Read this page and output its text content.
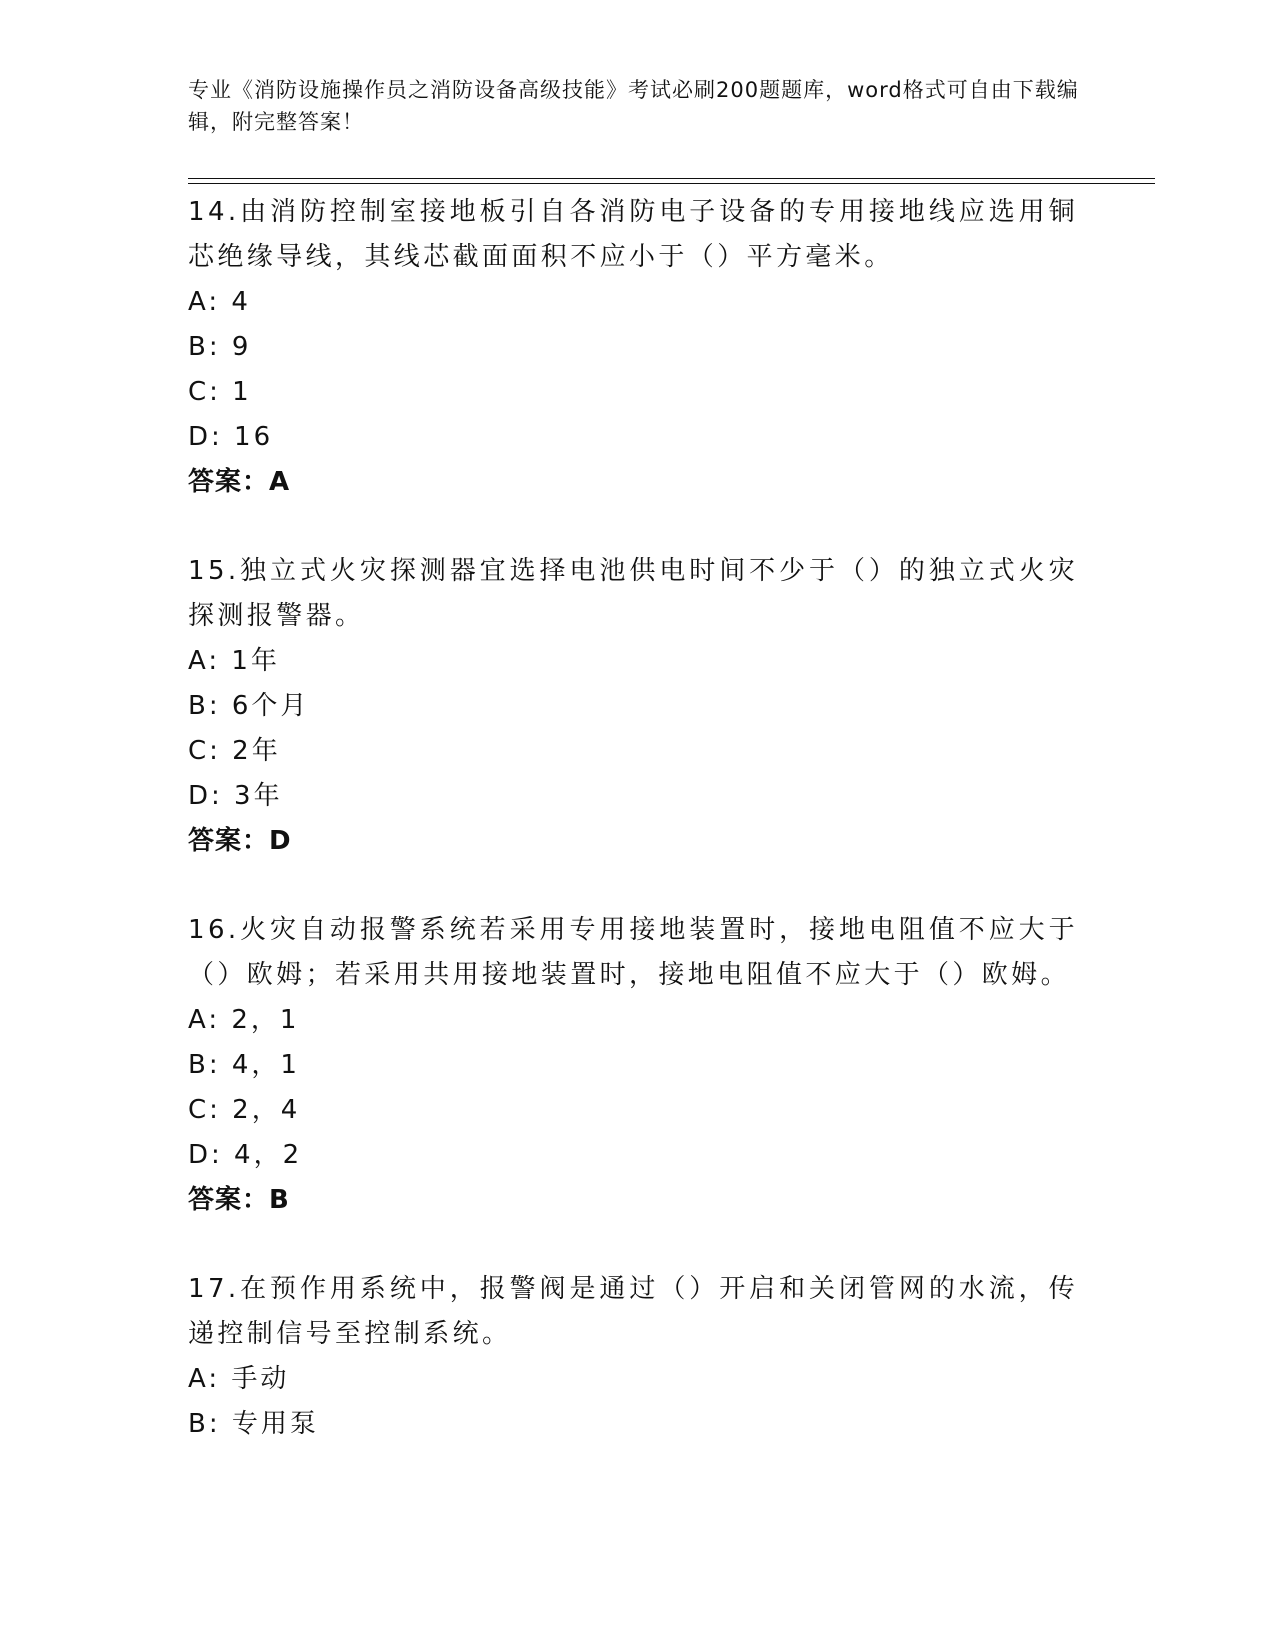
专业《消防设施操作员之消防设备高级技能》考试必刷200题题库，word格式可自由下载编辑，附完整答案！
14.由消防控制室接地板引自各消防电子设备的专用接地线应选用铜芯绝缘导线，其线芯截面面积不应小于（）平方毫米。
A: 4
B: 9
C: 1
D: 16
答案：A
15.独立式火灾探测器宜选择电池供电时间不少于（）的独立式火灾探测报警器。
A: 1年
B: 6个月
C: 2年
D: 3年
答案：D
16.火灾自动报警系统若采用专用接地装置时，接地电阻值不应大于（）欧姆；若采用共用接地装置时，接地电阻值不应大于（）欧姆。
A: 2，1
B: 4，1
C: 2，4
D: 4，2
答案：B
17.在预作用系统中，报警阀是通过（）开启和关闭管网的水流，传递控制信号至控制系统。
A: 手动
B: 专用泵
